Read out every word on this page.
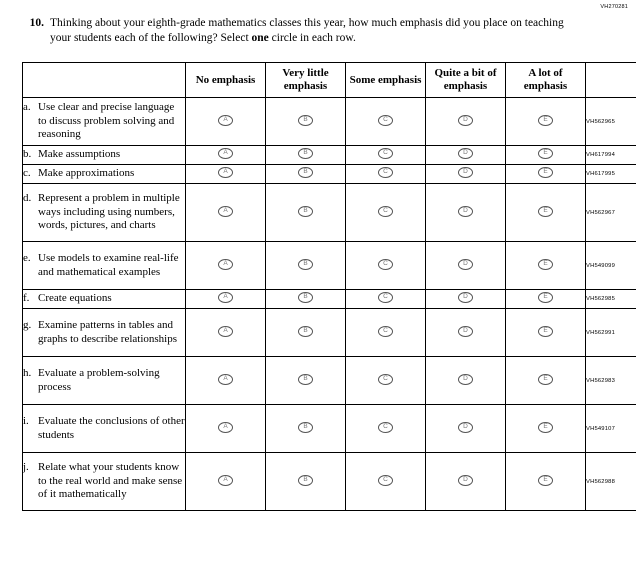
VH270281
10. Thinking about your eighth-grade mathematics classes this year, how much emphasis did you place on teaching your students each of the following? Select one circle in each row.
	No emphasis	Very little emphasis	Some emphasis	Quite a bit of emphasis	A lot of emphasis	

a. Use clear and precise language to discuss problem solving and reasoning	A	B	C	D	E	VH562965

b. Make assumptions	A	B	C	D	E	VH617994

c. Make approximations	A	B	C	D	E	VH617995

d. Represent a problem in multiple ways including using numbers, words, pictures, and charts	A	B	C	D	E	VH562967

e. Use models to examine real-life and mathematical examples	A	B	C	D	E	VH549099

f. Create equations	A	B	C	D	E	VH562985

g. Examine patterns in tables and graphs to describe relationships	A	B	C	D	E	VH562991

h. Evaluate a problem-solving process	A	B	C	D	E	VH562983

i. Evaluate the conclusions of other students	A	B	C	D	E	VH549107

j. Relate what your students know to the real world and make sense of it mathematically	A	B	C	D	E	VH562988
